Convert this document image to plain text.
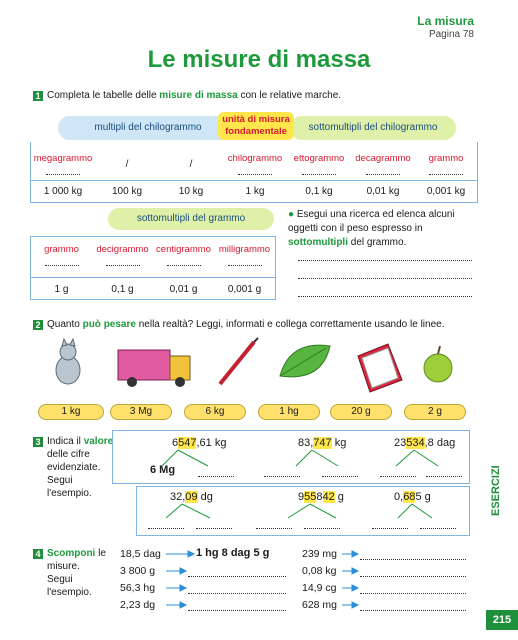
La misura
Pagina 78
Le misure di massa
1 Completa le tabelle delle misure di massa con le relative marche.
multipli del chilogrammo	sottomultipli del chilogrammo
unità di misura fondamentale
megagrammo	/	/	chilogrammo	ettogrammo	decagrammo	grammo

1 000 kg	100 kg	10 kg	1 kg	0,1 kg	0,01 kg	0,001 kg
sottomultipli del grammo
grammo	decigrammo	centigrammo	milligrammo

1 g	0,1 g	0,01 g	0,001 g
● Esegui una ricerca ed elenca alcuni oggetti con il peso espresso in sottomultipli del grammo.
2 Quanto può pesare nella realtà? Leggi, informati e collega correttamente usando le linee.
1 kg	3 Mg	6 kg	1 hg	20 g	2 g
3 Indica il valore delle cifre evidenziate. Segui l'esempio.
6547,61 kg	83,747 kg	23534,8 dag
6 Mg
32,09 dg	955842 g	0,685 g
4 Scomponi le misure. Segui l'esempio.
18,5 dag	1 hg 8 dag 5 g
3 800 g
56,3 hg
2,23 dg
239 mg
0,08 kg
14,9 cg
628 mg
ESERCIZI
215
